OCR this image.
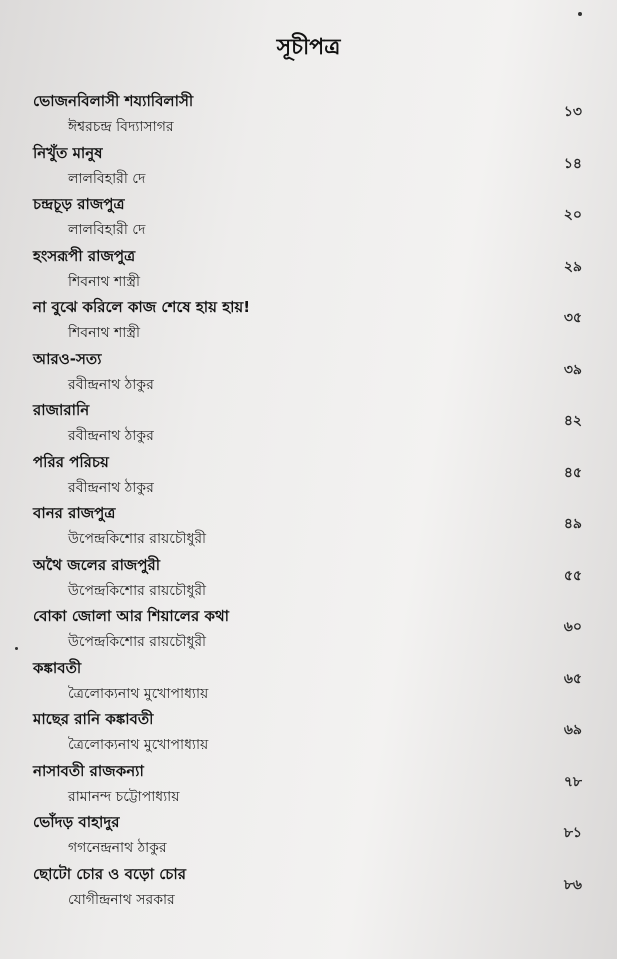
সূচীপত্র
ভোজনবিলাসী শয্যাবিলাসী
ঈশ্বরচন্দ্র বিদ্যাসাগর
১৩
নিখুঁত মানুষ
লালবিহারী দে
১৪
চন্দ্রচূড় রাজপুত্র
লালবিহারী দে
২০
হংসরূপী রাজপুত্র
শিবনাথ শাস্ত্রী
২৯
না বুঝে করিলে কাজ শেষে হায় হায়!
শিবনাথ শাস্ত্রী
৩৫
আরও-সত্য
রবীন্দ্রনাথ ঠাকুর
৩৯
রাজারানি
রবীন্দ্রনাথ ঠাকুর
৪২
পরির পরিচয়
রবীন্দ্রনাথ ঠাকুর
৪৫
বানর রাজপুত্র
উপেন্দ্রকিশোর রায়চৌধুরী
৪৯
অথৈ জলের রাজপুরী
উপেন্দ্রকিশোর রায়চৌধুরী
৫৫
বোকা জোলা আর শিয়ালের কথা
উপেন্দ্রকিশোর রায়চৌধুরী
৬০
কঙ্কাবতী
ত্রৈলোক্যনাথ মুখোপাধ্যায়
৬৫
মাছের রানি কঙ্কাবতী
ত্রৈলোক্যনাথ মুখোপাধ্যায়
৬৯
নাসাবতী রাজকন্যা
রামানন্দ চট্টোপাধ্যায়
৭৮
ভোঁদড় বাহাদুর
গগনেন্দ্রনাথ ঠাকুর
৮১
ছোটো চোর ও বড়ো চোর
যোগীন্দ্রনাথ সরকার
৮৬
